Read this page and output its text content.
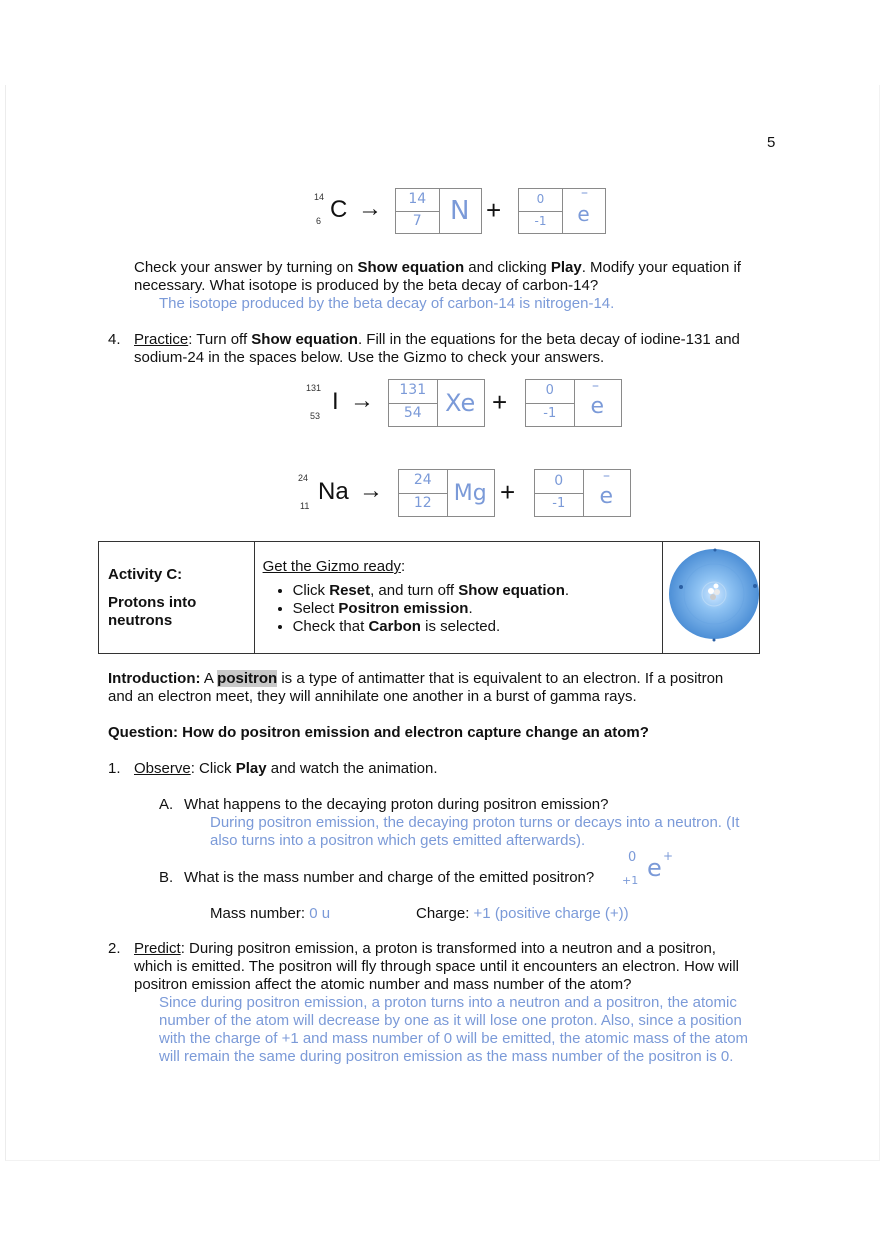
5
14
6 C →	14
7	N +	0
-1	e
–
Check your answer by turning on Show equation and clicking Play. Modify your equation if
necessary. What isotope is produced by the beta decay of carbon-14?
The isotope produced by the beta decay of carbon-14 is nitrogen-14.
4. Practice: Turn off Show equation. Fill in the equations for the beta decay of iodine-131 and
sodium-24 in the spaces below. Use the Gizmo to check your answers.
131
53
I →	131
54 Xe +	0
-1	e
–
24
11
Na →	24
12	Mg +	0
-1	e
–
Activity C:
Protons into
neutrons

Get the Gizmo ready:
• Click Reset, and turn off Show equation.
• Select Positron emission.
• Check that Carbon is selected.

Introduction: A positron is a type of antimatter that is equivalent to an electron. If a positron
and an electron meet, they will annihilate one another in a burst of gamma rays.
Question: How do positron emission and electron capture change an atom?
1. Observe: Click Play and watch the animation.
A. What happens to the decaying proton during positron emission?
During positron emission, the decaying proton turns or decays into a neutron. (It
also turns into a positron which gets emitted afterwards).
B. What is the mass number and charge of the emitted positron?
0
+1 e +
Mass number: 0 u	Charge: +1 (positive charge (+))
2. Predict: During positron emission, a proton is transformed into a neutron and a positron,
which is emitted. The positron will fly through space until it encounters an electron. How will
positron emission affect the atomic number and mass number of the atom?
Since during positron emission, a proton turns into a neutron and a positron, the atomic
number of the atom will decrease by one as it will lose one proton. Also, since a position
with the charge of +1 and mass number of 0 will be emitted, the atomic mass of the atom
will remain the same during positron emission as the mass number of the positron is 0.
